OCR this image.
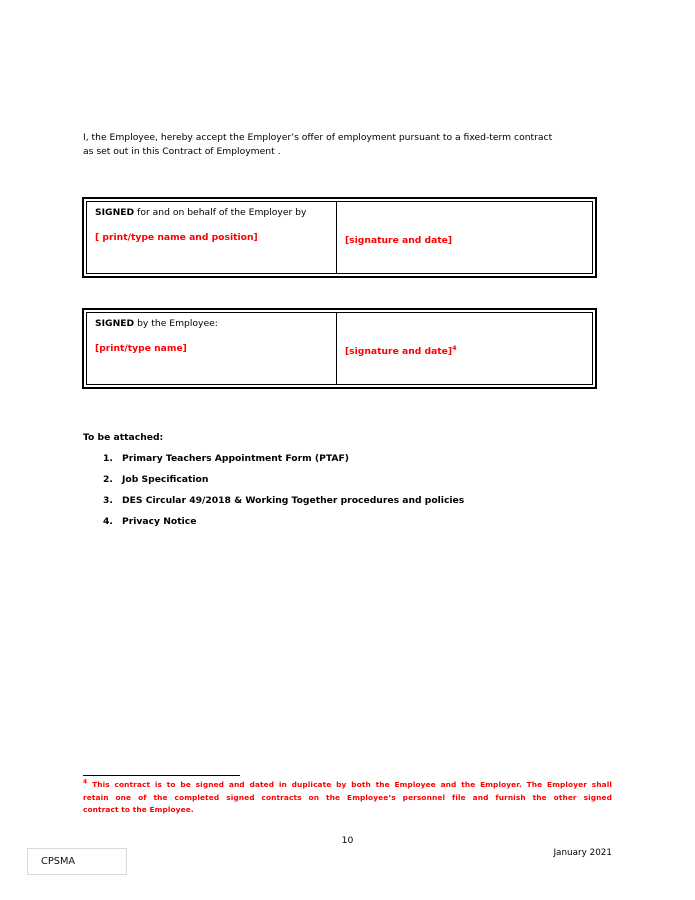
I, the Employee, hereby accept the Employer’s offer of employment pursuant to a fixed-term contract
as set out in this Contract of Employment .
SIGNED for and on behalf of the Employer by
[ print/type name and position]	[signature and date]
SIGNED by the Employee:
[print/type name]	[signature and date]$^4$
To be attached:
1. Primary Teachers Appointment Form (PTAF)
2. Job Specification
3. DES Circular 49/2018 & Working Together procedures and policies
4. Privacy Notice
$^4$ This contract is to be signed and dated in duplicate by both the Employee and the Employer. The Employer shall
retain one of the completed signed contracts on the Employee’s personnel file and furnish the other signed
contract to the Employee.
10
CPSMA
January 2021
